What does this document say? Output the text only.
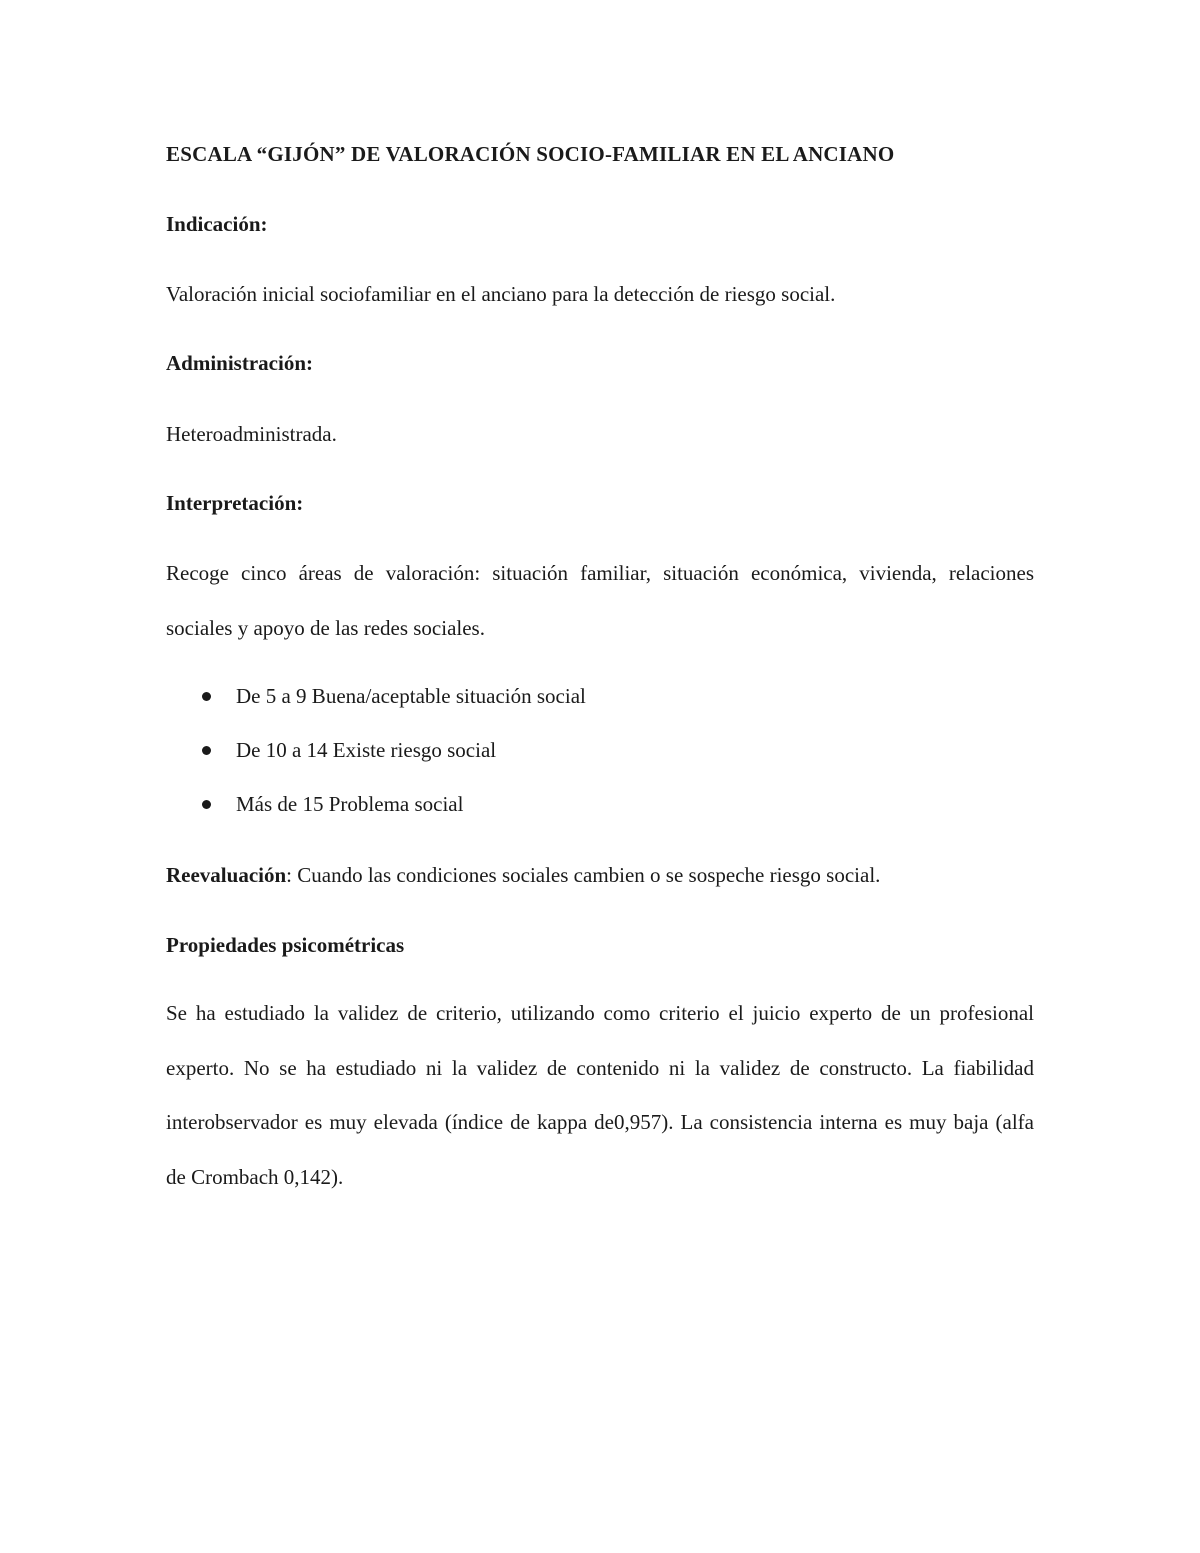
ESCALA “GIJÓN” DE VALORACIÓN SOCIO-FAMILIAR EN EL ANCIANO
Indicación:
Valoración inicial sociofamiliar en el anciano para la detección de riesgo social.
Administración:
Heteroadministrada.
Interpretación:
Recoge cinco áreas de valoración: situación familiar, situación económica, vivienda, relaciones sociales y apoyo de las redes sociales.
De 5 a 9 Buena/aceptable situación social
De 10 a 14 Existe riesgo social
Más de 15 Problema social
Reevaluación: Cuando las condiciones sociales cambien o se sospeche riesgo social.
Propiedades psicométricas
Se ha estudiado la validez de criterio, utilizando como criterio el juicio experto de un profesional experto. No se ha estudiado ni la validez de contenido ni la validez de constructo. La fiabilidad interobservador es muy elevada (índice de kappa de0,957). La consistencia interna es muy baja (alfa de Crombach 0,142).
